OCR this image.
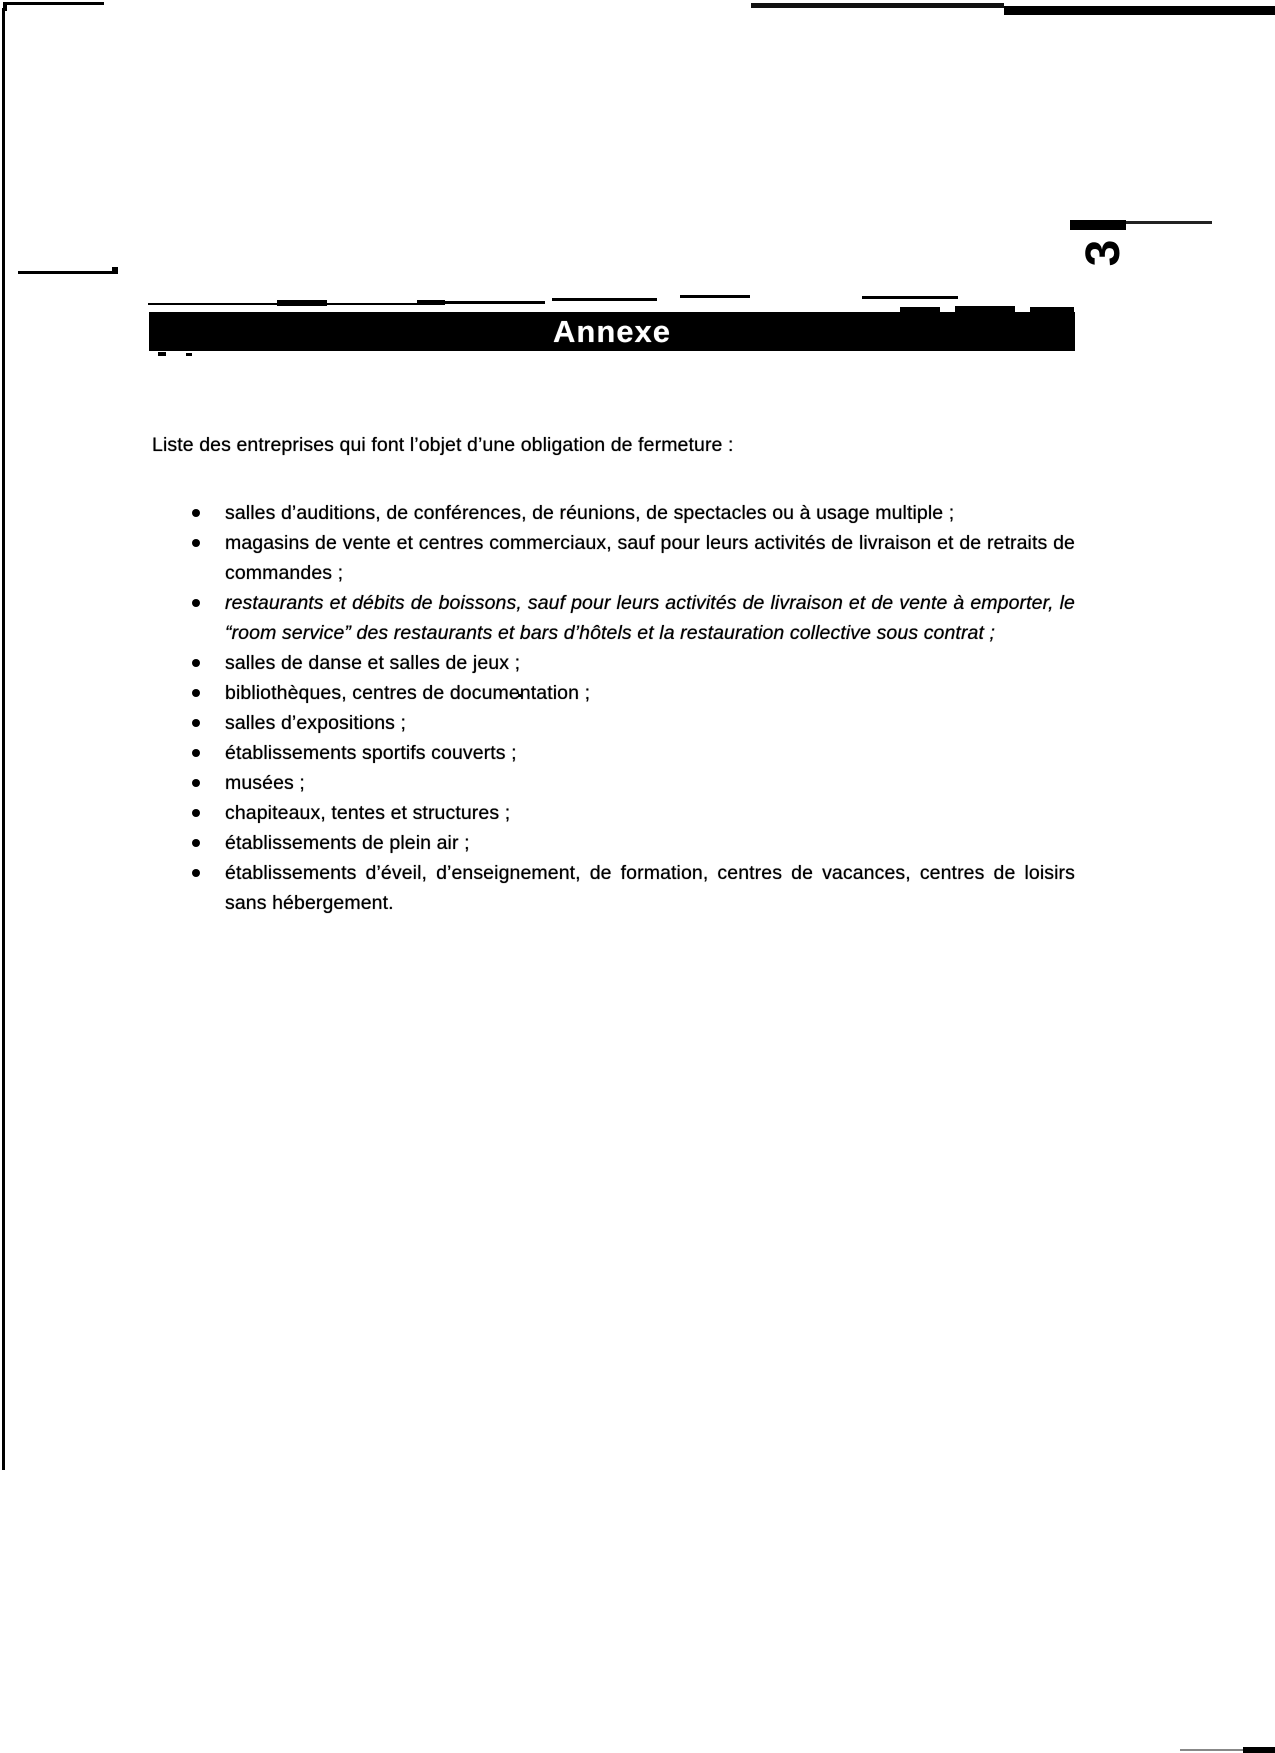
3
Annexe

Liste des entreprises qui font l’objet d’une obligation de fermeture :

salles d’auditions, de conférences, de réunions, de spectacles ou à usage multiple ;
magasins de vente et centres commerciaux, sauf pour leurs activités de livraison et de retraits de commandes ;
restaurants et débits de boissons, sauf pour leurs activités de livraison et de vente à emporter, le “room service” des restaurants et bars d’hôtels et la restauration collective sous contrat ;
salles de danse et salles de jeux ;
bibliothèques, centres de documentation ;
salles d’expositions ;
établissements sportifs couverts ;
musées ;
chapiteaux, tentes et structures ;
établissements de plein air ;
établissements d’éveil, d’enseignement, de formation, centres de vacances, centres de loisirs sans hébergement.
